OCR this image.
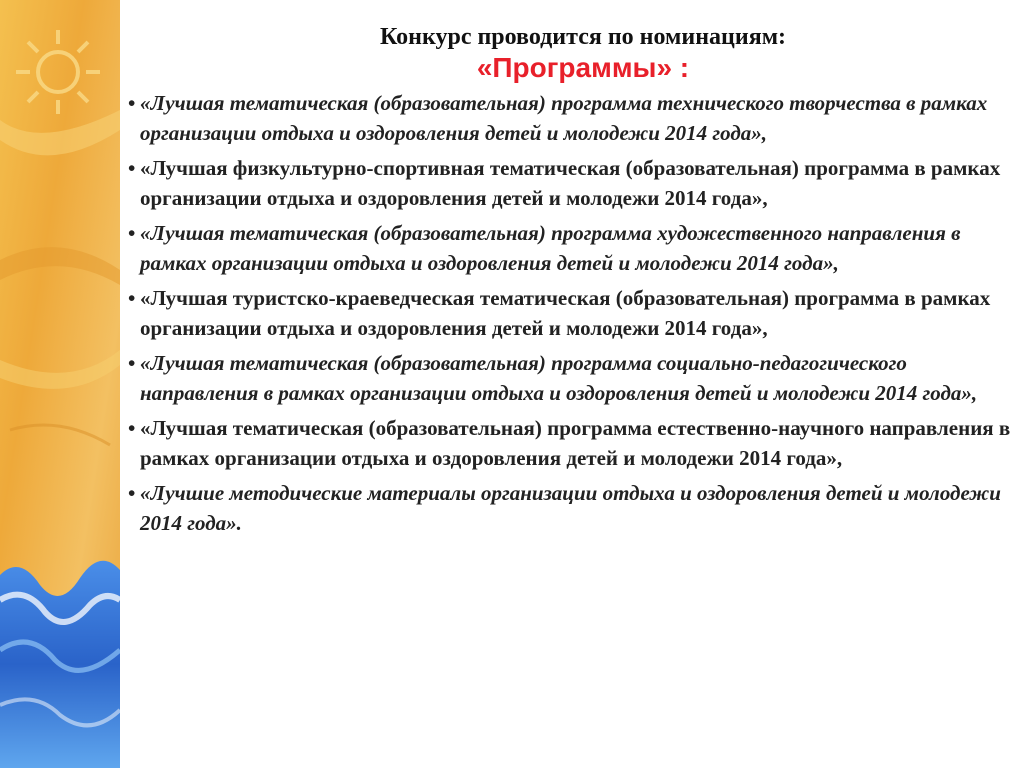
Конкурс проводится по номинациям:

«Программы» :

• «Лучшая тематическая (образовательная) программа технического творчества в рамках организации отдыха и оздоровления детей и молодежи 2014 года»,
• «Лучшая физкультурно-спортивная тематическая (образовательная) программа в рамках организации отдыха и оздоровления детей и молодежи 2014 года»,
• «Лучшая тематическая (образовательная) программа художественного направления в рамках организации отдыха и оздоровления детей и молодежи 2014 года»,
• «Лучшая туристско-краеведческая тематическая (образовательная) программа в рамках организации отдыха и оздоровления детей и молодежи 2014 года»,
• «Лучшая тематическая (образовательная) программа социально-педагогического направления в рамках организации отдыха и оздоровления детей и молодежи 2014 года»,
• «Лучшая тематическая (образовательная) программа естественно-научного направления в рамках организации отдыха и оздоровления детей и молодежи 2014 года»,
• «Лучшие методические материалы организации отдыха и оздоровления детей и молодежи 2014 года».
